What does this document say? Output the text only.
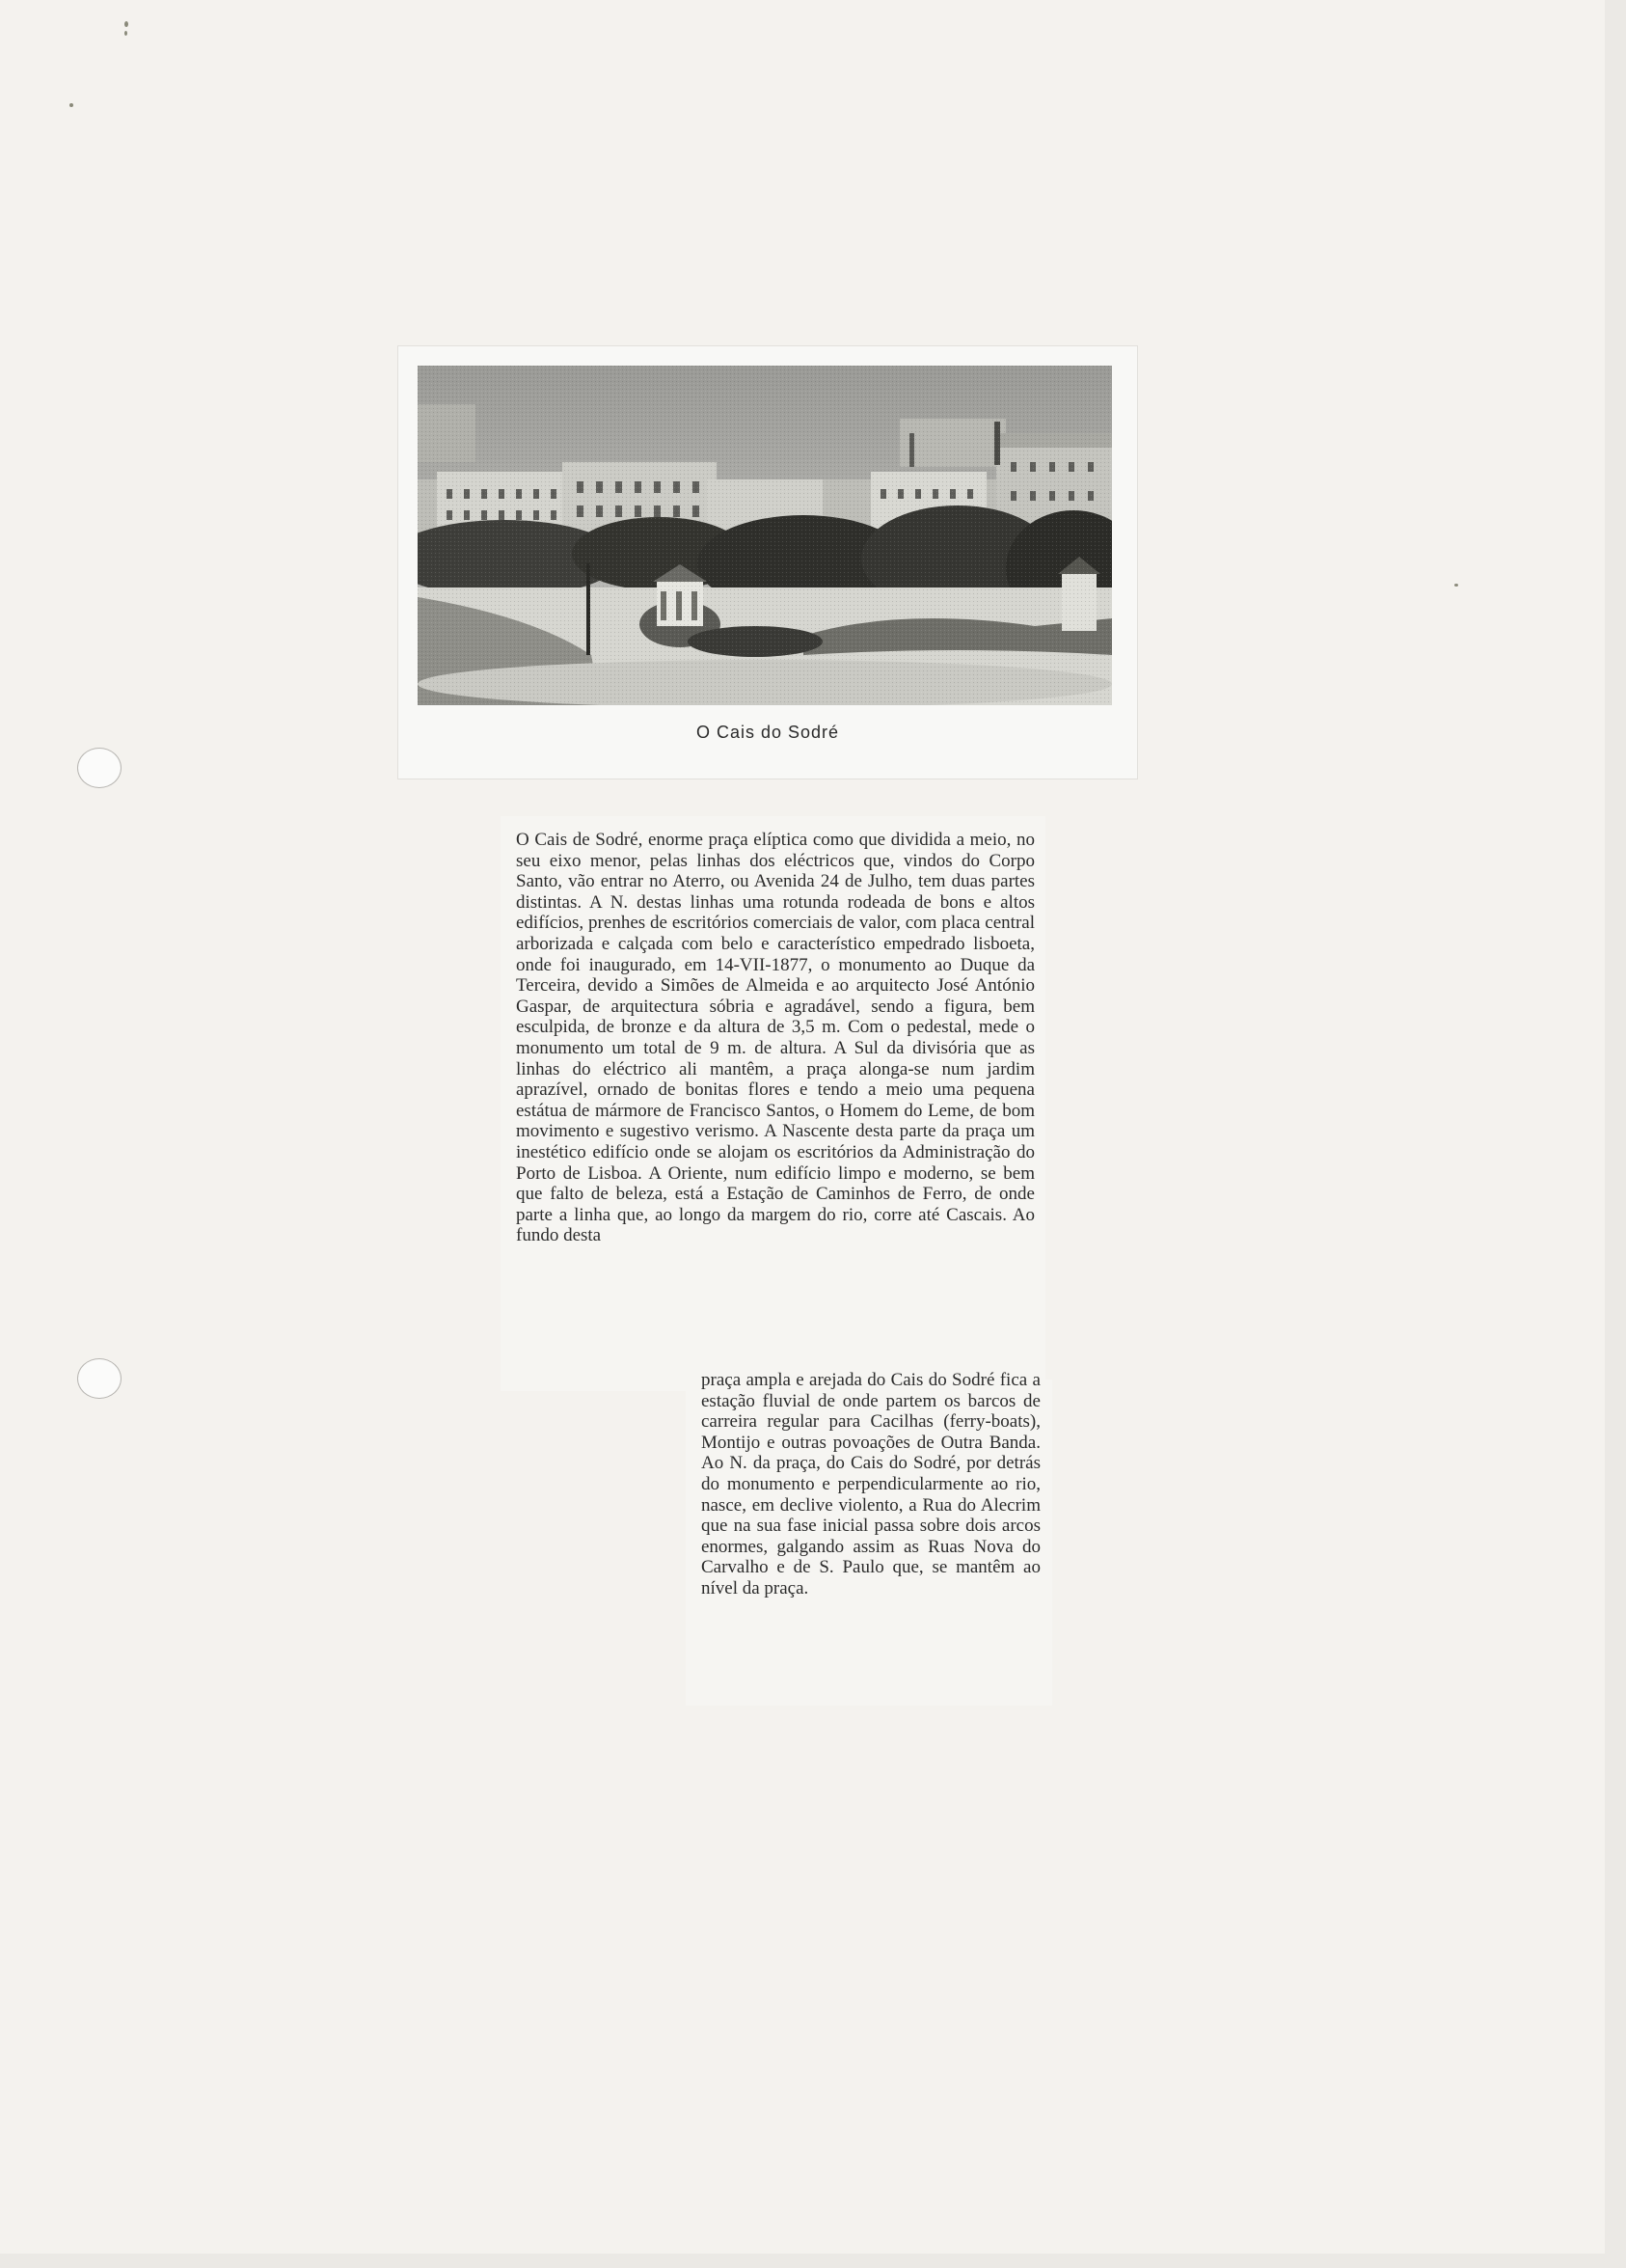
O Cais do Sodré

O Cais de Sodré, enorme praça elíptica como que dividida a meio, no seu eixo menor, pelas linhas dos eléctricos que, vindos do Corpo Santo, vão entrar no Aterro, ou Avenida 24 de Julho, tem duas partes distintas. A N. destas linhas uma rotunda rodeada de bons e altos edifícios, prenhes de escritórios comerciais de valor, com placa central arborizada e calçada com belo e característico empedrado lisboeta, onde foi inaugurado, em 14-VII-1877, o monumento ao Duque da Terceira, devido a Simões de Almeida e ao arquitecto José António Gaspar, de arquitectura sóbria e agradável, sendo a figura, bem esculpida, de bronze e da altura de 3,5 m. Com o pedestal, mede o monumento um total de 9 m. de altura. A Sul da divisória que as linhas do eléctrico ali mantêm, a praça alonga-se num jardim aprazível, ornado de bonitas flores e tendo a meio uma pequena estátua de mármore de Francisco Santos, o Homem do Leme, de bom movimento e sugestivo verismo. A Nascente desta parte da praça um inestético edifício onde se alojam os escritórios da Administração do Porto de Lisboa. A Oriente, num edifício limpo e moderno, se bem que falto de beleza, está a Estação de Caminhos de Ferro, de onde parte a linha que, ao longo da margem do rio, corre até Cascais. Ao fundo desta

praça ampla e arejada do Cais do Sodré fica a estação fluvial de onde partem os barcos de carreira regular para Cacilhas (ferry-boats), Montijo e outras povoações de Outra Banda. Ao N. da praça, do Cais do Sodré, por detrás do monumento e perpendicularmente ao rio, nasce, em declive violento, a Rua do Alecrim que na sua fase inicial passa sobre dois arcos enormes, galgando assim as Ruas Nova do Carvalho e de S. Paulo que, se mantêm ao nível da praça.
